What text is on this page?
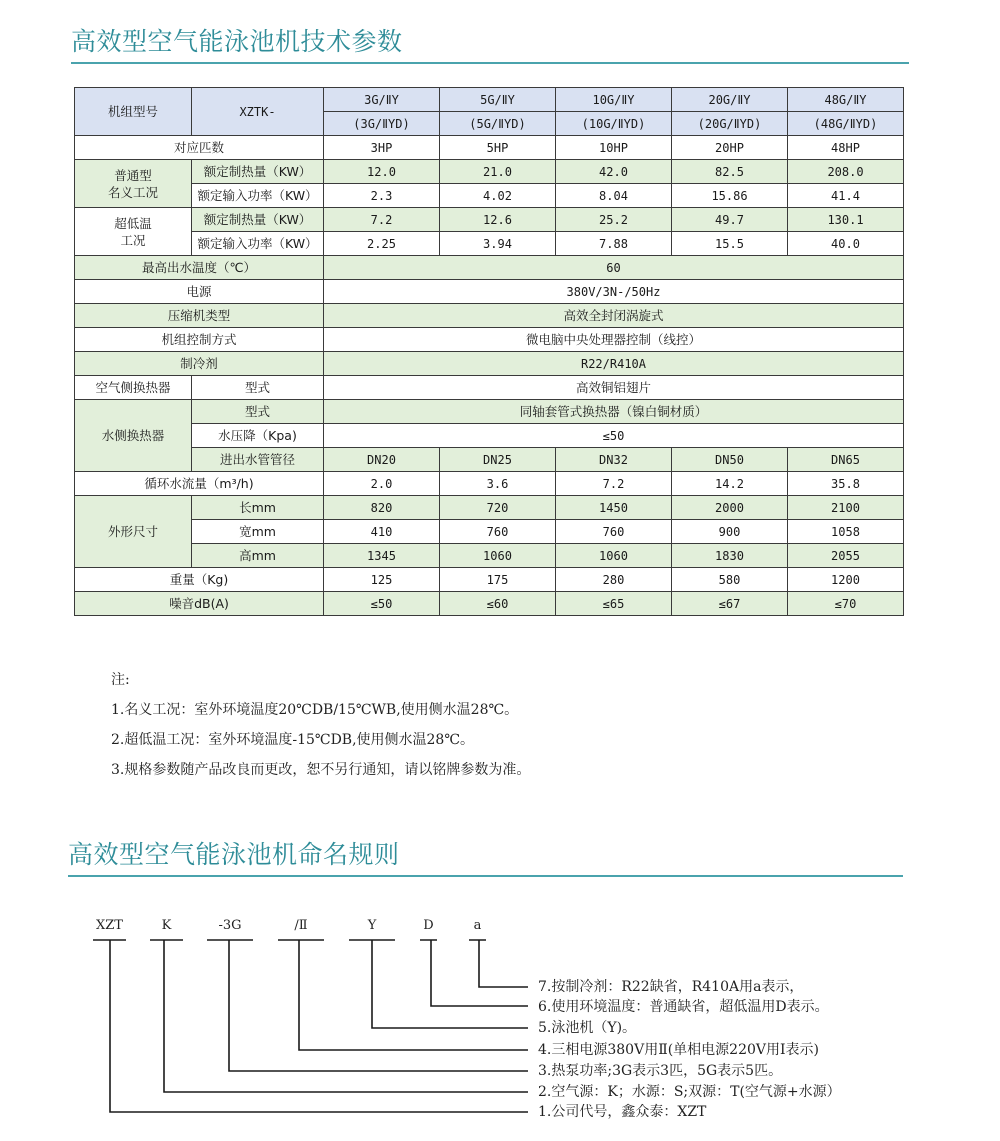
高效型空气能泳池机技术参数
机组型号	XZTK-	3G/ⅡY	5G/ⅡY	10G/ⅡY	20G/ⅡY	48G/ⅡY
		(3G/ⅡYD)	(5G/ⅡYD)	(10G/ⅡYD)	(20G/ⅡYD)	(48G/ⅡYD)
对应匹数		3HP	5HP	10HP	20HP	48HP

普通型
名义工况	额定制热量（KW）	12.0	21.0	42.0	82.5	208.0
	额定输入功率（KW）	2.3	4.02	8.04	15.86	41.4

超低温
工况	额定制热量（KW）	7.2	12.6	25.2	49.7	130.1
	额定输入功率（KW）	2.25	3.94	7.88	15.5	40.0
最高出水温度（℃）		60				
电源		380V/3N-/50Hz				
压缩机类型		高效全封闭涡旋式				
机组控制方式		微电脑中央处理器控制（线控）				
制冷剂		R22/R410A				
空气侧换热器	型式	高效铜铝翅片				
水侧换热器	型式	同轴套管式换热器（镍白铜材质）				
	水压降（Kpa)	≤50				
	进出水管管径	DN20	DN25	DN32	DN50	DN65
循环水流量（m³/h)		2.0	3.6	7.2	14.2	35.8
外形尺寸	长mm	820	720	1450	2000	2100
	宽mm	410	760	760	900	1058
	高mm	1345	1060	1060	1830	2055
重量（Kg)		125	175	280	580	1200
噪音dB(A)		≤50	≤60	≤65	≤67	≤70
注:
1.名义工况：室外环境温度20℃DB/15℃WB,使用侧水温28℃。
2.超低温工况：室外环境温度-15℃DB,使用侧水温28℃。
3.规格参数随产品改良而更改，恕不另行通知，请以铭牌参数为准。
高效型空气能泳池机命名规则
XZT	K	-3G	/Ⅱ	Y	D	a
7.按制冷剂：R22缺省，R410A用a表示，
6.使用环境温度：普通缺省，超低温用D表示。
5.泳池机（Y)。
4.三相电源380V用Ⅱ(单相电源220V用Ⅰ表示)
3.热泵功率;3G表示3匹，5G表示5匹。
2.空气源：K；水源：S;双源：T(空气源+水源）
1.公司代号，鑫众泰：XZT
